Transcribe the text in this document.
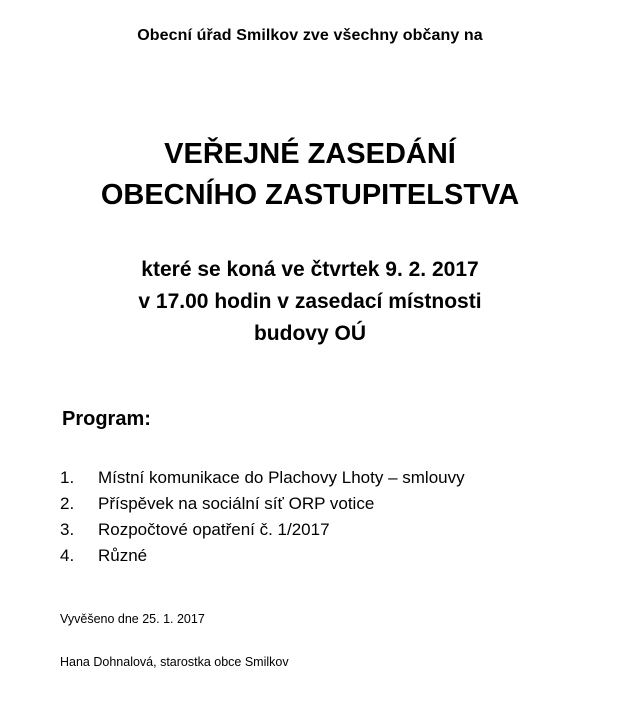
Obecní úřad Smilkov zve všechny občany na
VEŘEJNÉ ZASEDÁNÍ
OBECNÍHO ZASTUPITELSTVA
které se koná ve čtvrtek 9. 2. 2017
v 17.00 hodin v zasedací místnosti
budovy OÚ
Program:
1.	Místní komunikace do Plachovy Lhoty – smlouvy
2.	Příspěvek na sociální síť ORP votice
3.	Rozpočtové opatření č. 1/2017
4.	Různé
Vyvěšeno dne 25. 1. 2017
Hana Dohnalová, starostka obce Smilkov
